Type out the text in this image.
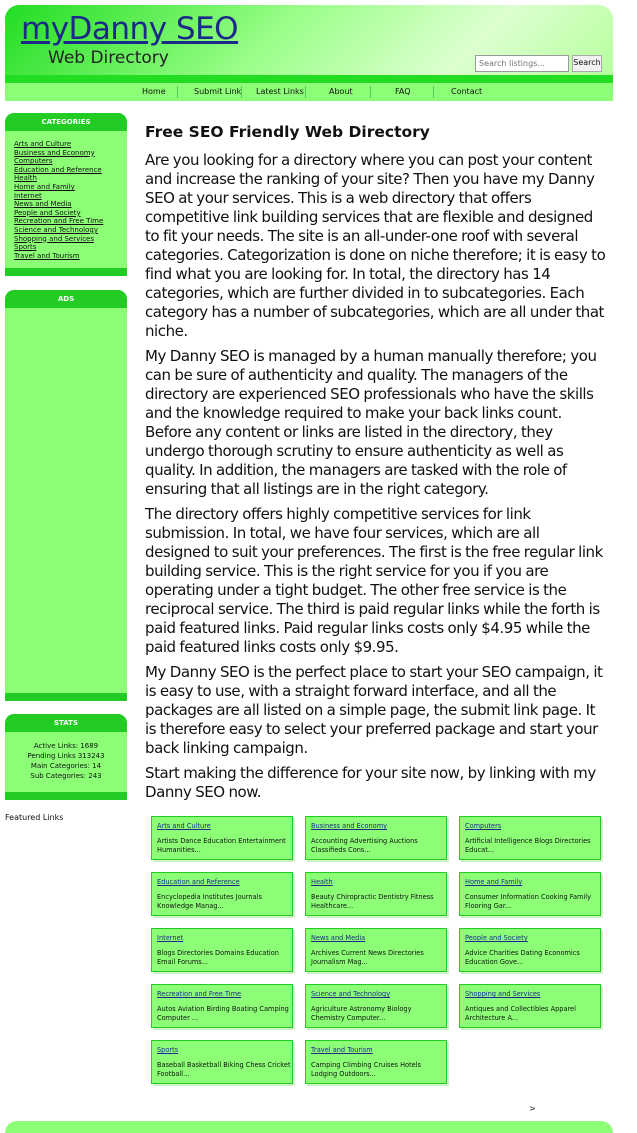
myDanny SEO
Web Directory
Search listings...	Search
Home	Submit Link Latest Links	About	FAQ	Contact
CATEGORIES
Arts and Culture
Business and Economy
Computers
Education and Reference
Health
Home and Family
Internet
News and Media
People and Society
Recreation and Free Time
Science and Technology
Shopping and Services
Sports
Travel and Tourism
ADS
STATS
Active Links: 1689
Pending Links 313243
Main Categories: 14
Sub Categories: 243
Free SEO Friendly Web Directory

Are you looking for a directory where you can post your content and increase the ranking of your site? Then you have my Danny SEO at your services. This is a web directory that offers competitive link building services that are flexible and designed to fit your needs. The site is an all-under-one roof with several categories. Categorization is done on niche therefore; it is easy to find what you are looking for. In total, the directory has 14 categories, which are further divided in to subcategories. Each category has a number of subcategories, which are all under that niche.

My Danny SEO is managed by a human manually therefore; you can be sure of authenticity and quality. The managers of the directory are experienced SEO professionals who have the skills and the knowledge required to make your back links count. Before any content or links are listed in the directory, they undergo thorough scrutiny to ensure authenticity as well as quality. In addition, the managers are tasked with the role of ensuring that all listings are in the right category.

The directory offers highly competitive services for link submission. In total, we have four services, which are all designed to suit your preferences. The first is the free regular link building service. This is the right service for you if you are operating under a tight budget. The other free service is the reciprocal service. The third is paid regular links while the forth is paid featured links. Paid regular links costs only $4.95 while the paid featured links costs only $9.95.

My Danny SEO is the perfect place to start your SEO campaign, it is easy to use, with a straight forward interface, and all the packages are all listed on a simple page, the submit link page. It is therefore easy to select your preferred package and start your back linking campaign.

Start making the difference for your site now, by linking with my Danny SEO now.

Featured Links
Arts and Culture
Artists Dance Education Entertainment Humanities...
Business and Economy
Accounting Advertising Auctions Classifieds Cons...
Computers
Artificial Intelligence Blogs Directories Educat...
Education and Reference
Encyclopedia Institutes Journals Knowledge Manag...
Health
Beauty Chiropractic Dentistry Fitness Healthcare...
Home and Family
Consumer Information Cooking Family Flooring Gar...
Internet
Blogs Directories Domains Education Email Forums...
News and Media
Archives Current News Directories Journalism Mag...
People and Society
Advice Charities Dating Economics Education Gove...
Recreation and Free Time
Autos Aviation Birding Boating Camping Computer ...
Science and Technology
Agriculture Astronomy Biology Chemistry Computer...
Shopping and Services
Antiques and Collectibles Apparel Architecture A...
Sports
Baseball Basketball Biking Chess Cricket Football...
Travel and Tourism
Camping Climbing Cruises Hotels Lodging Outdoors...
>
